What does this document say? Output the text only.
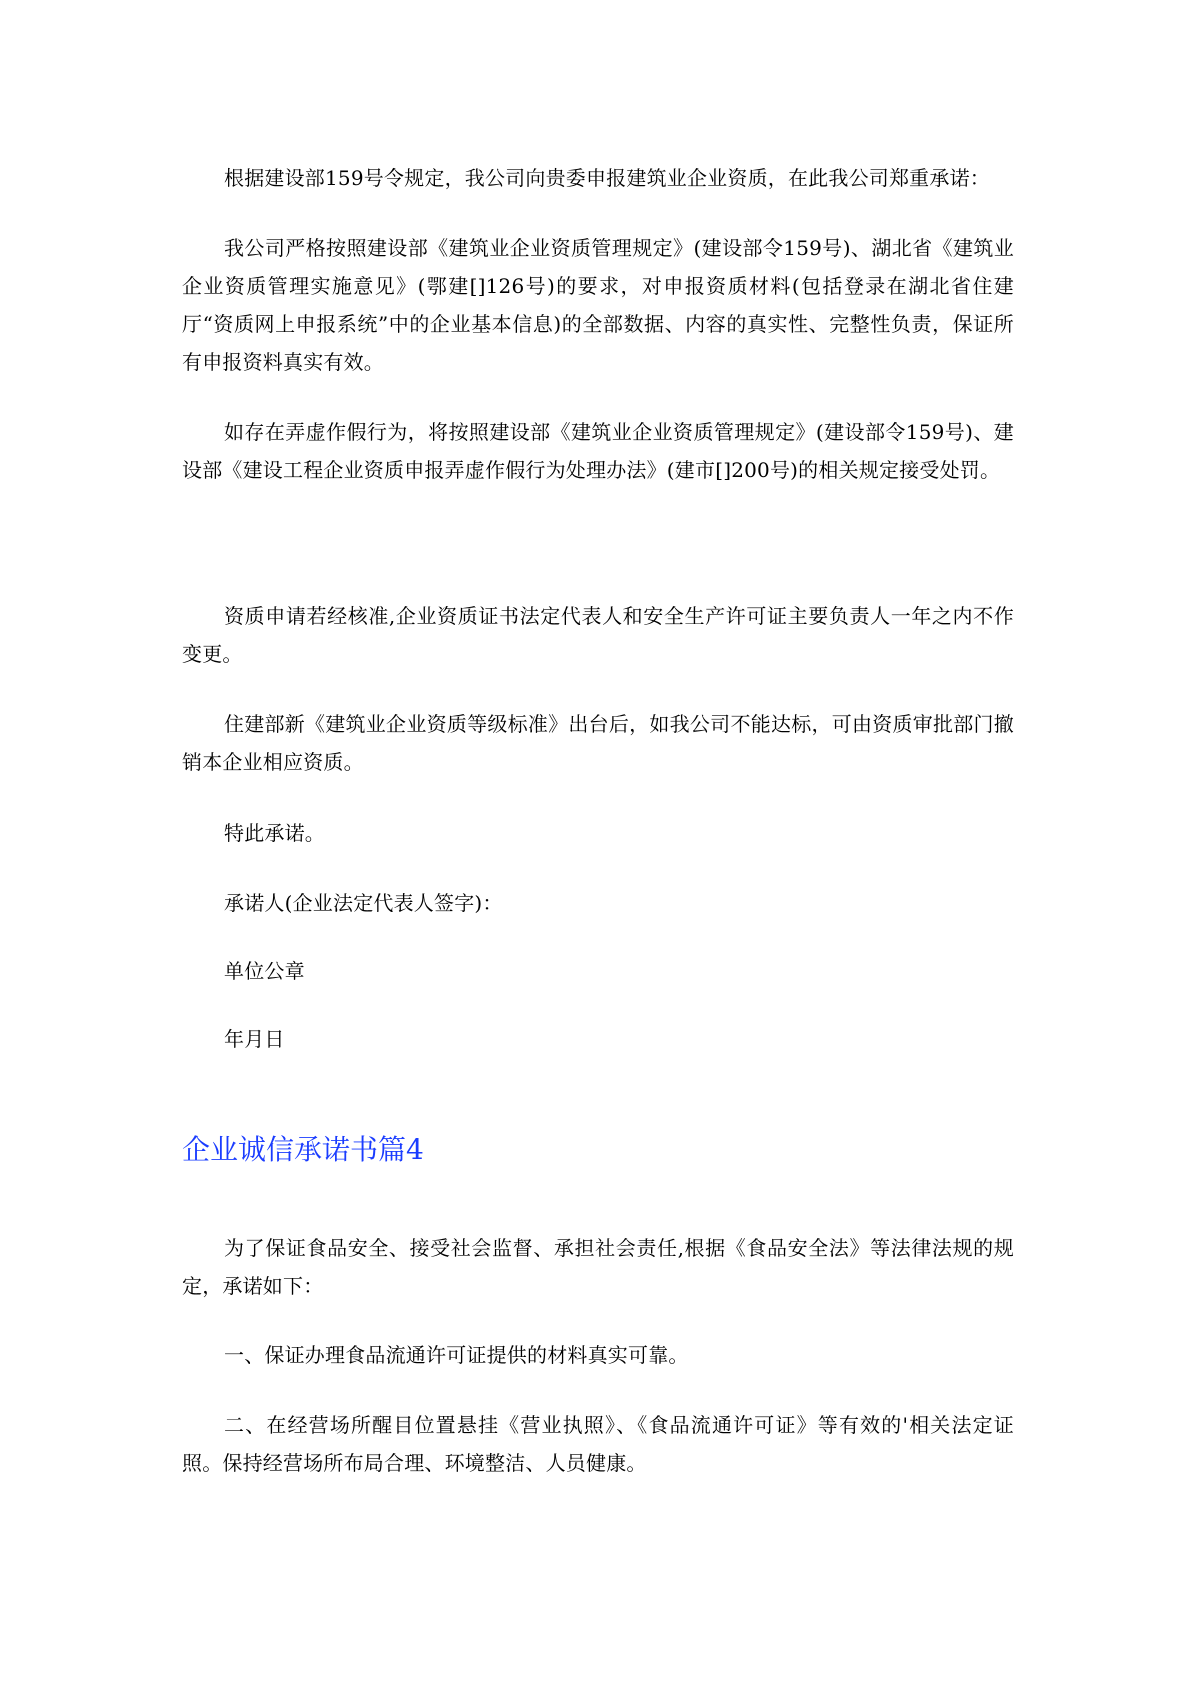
根据建设部159号令规定，我公司向贵委申报建筑业企业资质，在此我公司郑重承诺：

我公司严格按照建设部《建筑业企业资质管理规定》(建设部令159号)、湖北省《建筑业企业资质管理实施意见》(鄂建[]126号)的要求，对申报资质材料(包括登录在湖北省住建厅“资质网上申报系统”中的企业基本信息)的全部数据、内容的真实性、完整性负责，保证所有申报资料真实有效。

如存在弄虚作假行为，将按照建设部《建筑业企业资质管理规定》(建设部令159号)、建设部《建设工程企业资质申报弄虚作假行为处理办法》(建市[]200号)的相关规定接受处罚。

资质申请若经核准,企业资质证书法定代表人和安全生产许可证主要负责人一年之内不作变更。

住建部新《建筑业企业资质等级标准》出台后，如我公司不能达标，可由资质审批部门撤销本企业相应资质。

特此承诺。

承诺人(企业法定代表人签字)：

单位公章

年月日

企业诚信承诺书篇4

为了保证食品安全、接受社会监督、承担社会责任,根据《食品安全法》等法律法规的规定，承诺如下：

一、保证办理食品流通许可证提供的材料真实可靠。

二、在经营场所醒目位置悬挂《营业执照》、《食品流通许可证》等有效的'相关法定证照。保持经营场所布局合理、环境整洁、人员健康。
